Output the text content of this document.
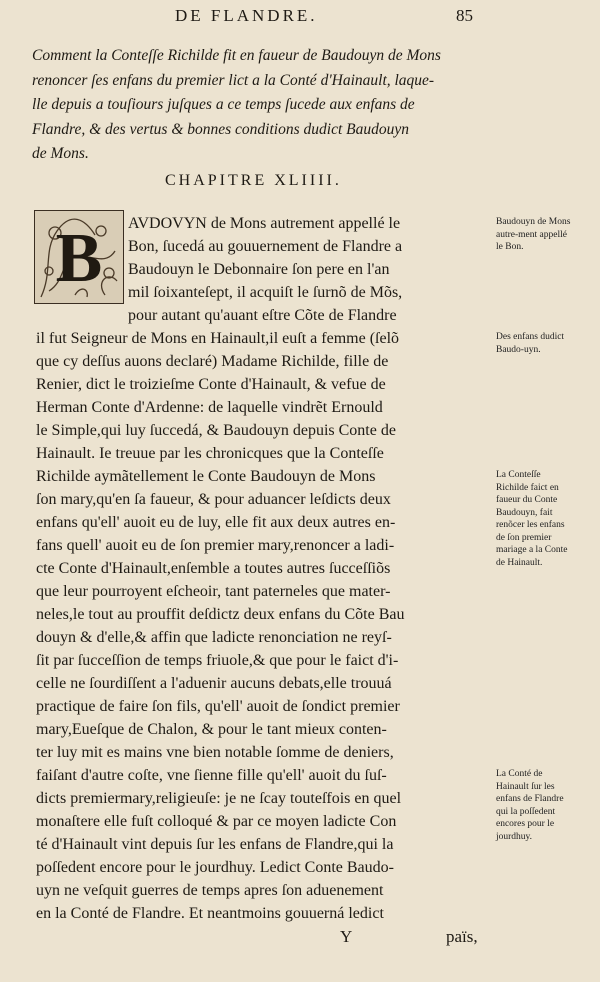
DE FLANDRE.	85
Comment la Conteſſe Richilde fit en faueur de Baudouyn de Mons
renoncer ſes enfans du premier lict a la Conté d'Hainault, laque-
lle depuis a touſiours juſques a ce temps ſucede aux enfans de
Flandre, & des vertus & bonnes conditions dudict Baudouyn
de Mons.
CHAPITRE XLIIII.
B AVDOVYN de Mons autrement appellé le
Bon, ſucedá au gouuernement de Flandre a
Baudouyn le Debonnaire ſon pere en l'an
mil ſoixanteſept, il acquiſt le ſurnõ de Mõs,
pour autant qu'auant eſtre Cõte de Flandre
il fut Seigneur de Mons en Hainault,il euſt a femme (ſelõ
que cy deſſus auons declaré) Madame Richilde, fille de
Renier, dict le troizieſme Conte d'Hainault, & vefue de
Herman Conte d'Ardenne: de laquelle vindrẽt Ernould
le Simple,qui luy ſuccedá, & Baudouyn depuis Conte de
Hainault. Ie treuue par les chronicques que la Conteſſe
Richilde aymãtellement le Conte Baudouyn de Mons
ſon mary,qu'en ſa faueur, & pour aduancer leſdicts deux
enfans qu'ell' auoit eu de luy, elle fit aux deux autres en-
fans quell' auoit eu de ſon premier mary,renoncer a ladi-
cte Conte d'Hainault,enſemble a toutes autres ſucceſſiõs
que leur pourroyent eſcheoir, tant paterneles que mater-
neles,le tout au prouffit deſdictz deux enfans du Cõte Bau
douyn & d'elle,& affin que ladicte renonciation ne reyſ-
ſit par ſucceſſion de temps friuole,& que pour le faict d'i-
celle ne ſourdiſſent a l'aduenir aucuns debats,elle trouuá
practique de faire ſon fils, qu'ell' auoit de ſondict premier
mary,Eueſque de Chalon, & pour le tant mieux conten-
ter luy mit es mains vne bien notable ſomme de deniers,
faiſant d'autre coſte, vne ſienne fille qu'ell' auoit du ſuſ-
dicts premiermary,religieuſe: je ne ſcay touteſfois en quel
monaſtere elle fuſt colloqué & par ce moyen ladicte Con
té d'Hainault vint depuis ſur les enfans de Flandre,qui la
poſſedent encore pour le jourdhuy. Ledict Conte Baudo-
uyn ne veſquit guerres de temps apres ſon aduenement
en la Conté de Flandre. Et neantmoins gouuerná ledict
Baudouyn de Mons autre-ment appellé le Bon.
Des enfans dudict Baudo-uyn.
La Conteſſe Richilde faict en faueur du Conte Baudouyn, fait renõcer les enfans de ſon premier mariage a la Conte de Hainault.
La Conté de Hainault ſur les enfans de Flandre qui la poſſedent encores pour le jourdhuy.
Y	païs,
